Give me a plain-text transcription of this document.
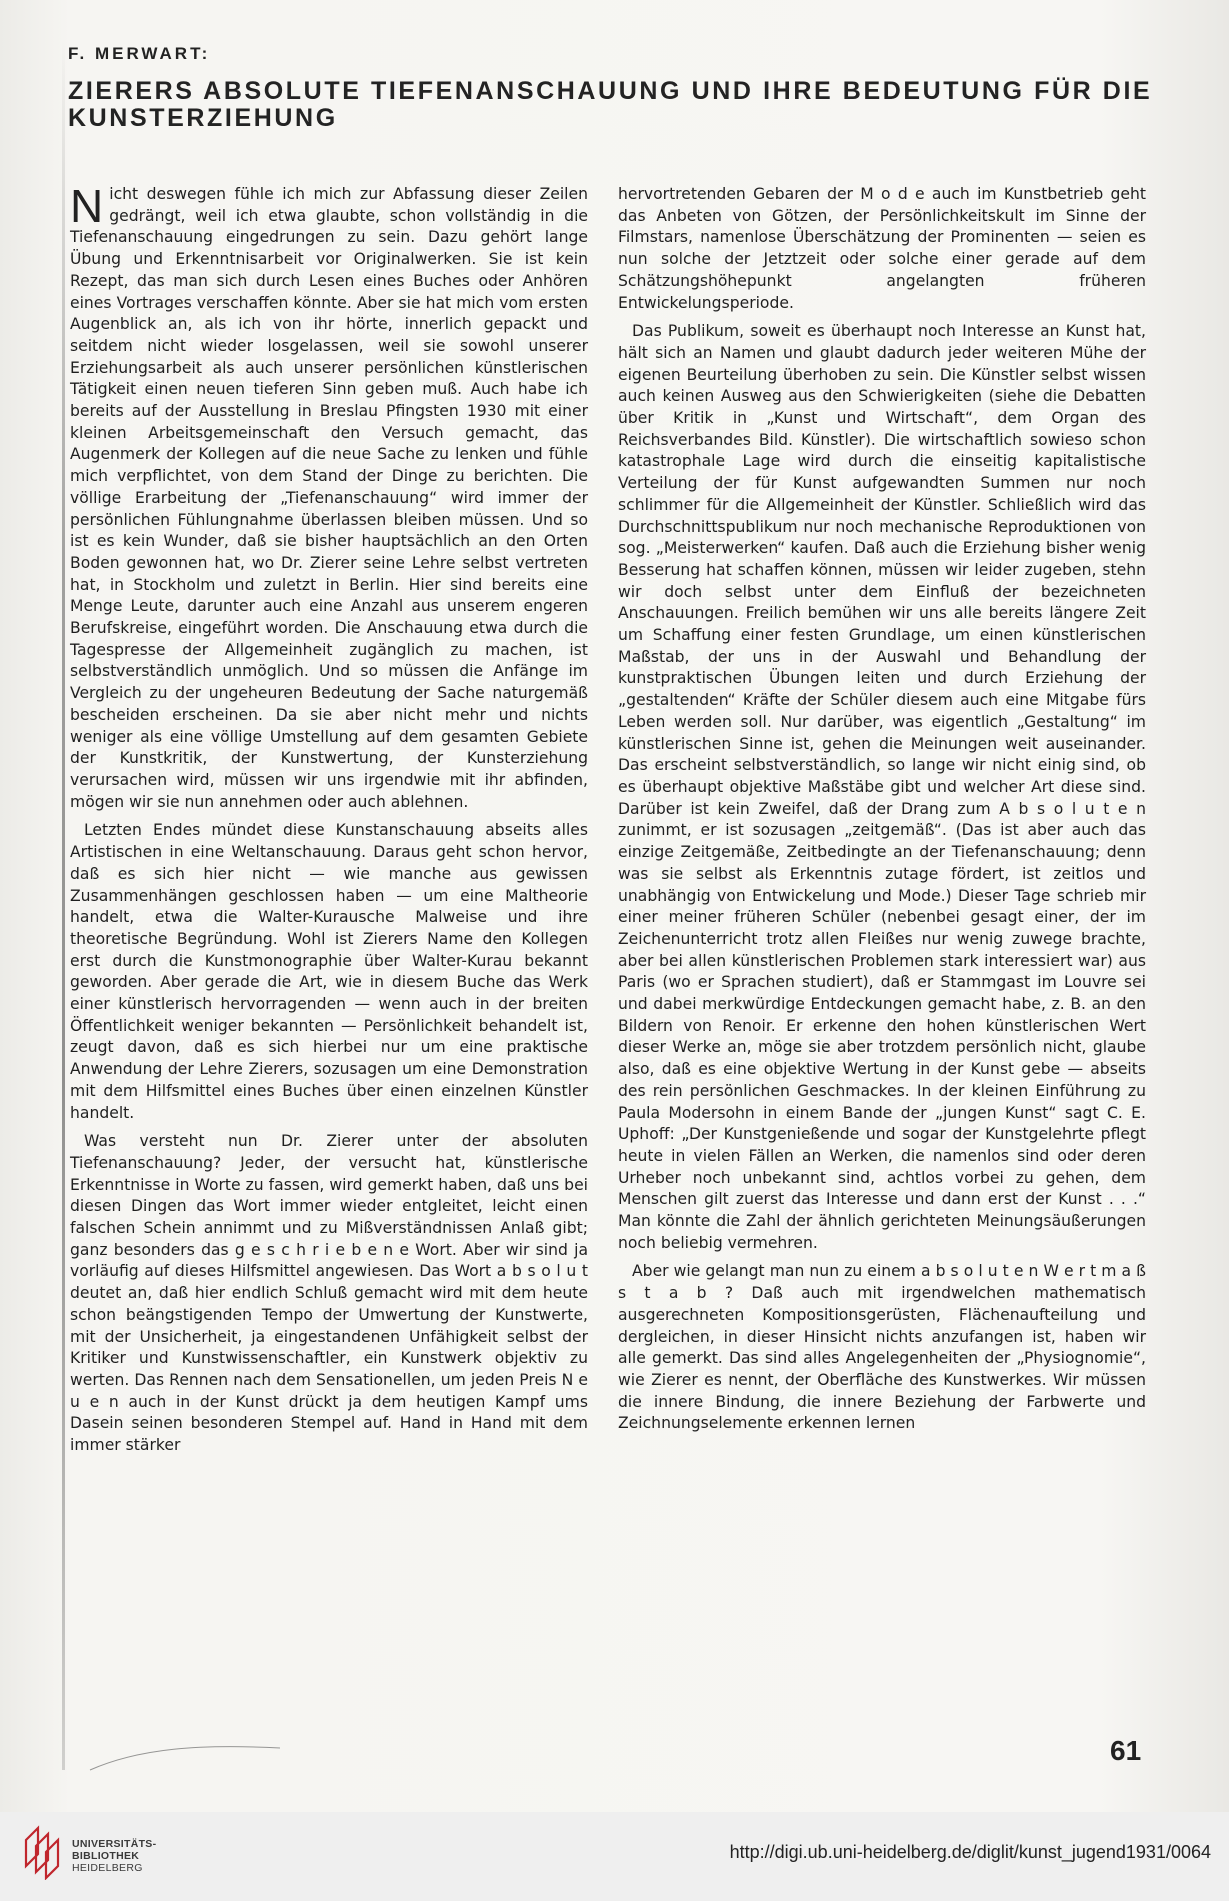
F. MERWART:
ZIERERS ABSOLUTE TIEFENANSCHAUUNG UND IHRE BEDEUTUNG FÜR DIE KUNSTERZIEHUNG

Nicht deswegen fühle ich mich zur Abfassung dieser Zeilen gedrängt, weil ich etwa glaubte, schon vollständig in die Tiefenanschauung eingedrungen zu sein. Dazu gehört lange Übung und Erkenntnisarbeit vor Originalwerken. Sie ist kein Rezept, das man sich durch Lesen eines Buches oder Anhören eines Vortrages verschaffen könnte. Aber sie hat mich vom ersten Augenblick an, als ich von ihr hörte, innerlich gepackt und seitdem nicht wieder losgelassen, weil sie sowohl unserer Erziehungsarbeit als auch unserer persönlichen künstlerischen Tätigkeit einen neuen tieferen Sinn geben muß. Auch habe ich bereits auf der Ausstellung in Breslau Pfingsten 1930 mit einer kleinen Arbeitsgemeinschaft den Versuch gemacht, das Augenmerk der Kollegen auf die neue Sache zu lenken und fühle mich verpflichtet, von dem Stand der Dinge zu berichten. Die völlige Erarbeitung der „Tiefenanschauung“ wird immer der persönlichen Fühlungnahme überlassen bleiben müssen. Und so ist es kein Wunder, daß sie bisher hauptsächlich an den Orten Boden gewonnen hat, wo Dr. Zierer seine Lehre selbst vertreten hat, in Stockholm und zuletzt in Berlin. Hier sind bereits eine Menge Leute, darunter auch eine Anzahl aus unserem engeren Berufskreise, eingeführt worden. Die Anschauung etwa durch die Tagespresse der Allgemeinheit zugänglich zu machen, ist selbstverständlich unmöglich. Und so müssen die Anfänge im Vergleich zu der ungeheuren Bedeutung der Sache naturgemäß bescheiden erscheinen. Da sie aber nicht mehr und nichts weniger als eine völlige Umstellung auf dem gesamten Gebiete der Kunstkritik, der Kunstwertung, der Kunsterziehung verursachen wird, müssen wir uns irgendwie mit ihr abfinden, mögen wir sie nun annehmen oder auch ablehnen.

Letzten Endes mündet diese Kunstanschauung abseits alles Artistischen in eine Weltanschauung. Daraus geht schon hervor, daß es sich hier nicht — wie manche aus gewissen Zusammenhängen geschlossen haben — um eine Maltheorie handelt, etwa die Walter-Kurausche Malweise und ihre theoretische Begründung. Wohl ist Zierers Name den Kollegen erst durch die Kunstmonographie über Walter-Kurau bekannt geworden. Aber gerade die Art, wie in diesem Buche das Werk einer künstlerisch hervorragenden — wenn auch in der breiten Öffentlichkeit weniger bekannten — Persönlichkeit behandelt ist, zeugt davon, daß es sich hierbei nur um eine praktische Anwendung der Lehre Zierers, sozusagen um eine Demonstration mit dem Hilfsmittel eines Buches über einen einzelnen Künstler handelt.

Was versteht nun Dr. Zierer unter der absoluten Tiefenanschauung? Jeder, der versucht hat, künstlerische Erkenntnisse in Worte zu fassen, wird gemerkt haben, daß uns bei diesen Dingen das Wort immer wieder entgleitet, leicht einen falschen Schein annimmt und zu Mißverständnissen Anlaß gibt; ganz besonders das g e s c h r i e b e n e Wort. Aber wir sind ja vorläufig auf dieses Hilfsmittel angewiesen. Das Wort a b s o l u t deutet an, daß hier endlich Schluß gemacht wird mit dem heute schon beängstigenden Tempo der Umwertung der Kunstwerte, mit der Unsicherheit, ja eingestandenen Unfähigkeit selbst der Kritiker und Kunstwissenschaftler, ein Kunstwerk objektiv zu werten. Das Rennen nach dem Sensationellen, um jeden Preis N e u e n auch in der Kunst drückt ja dem heutigen Kampf ums Dasein seinen besonderen Stempel auf. Hand in Hand mit dem immer stärker

hervortretenden Gebaren der M o d e auch im Kunstbetrieb geht das Anbeten von Götzen, der Persönlichkeitskult im Sinne der Filmstars, namenlose Überschätzung der Prominenten — seien es nun solche der Jetztzeit oder solche einer gerade auf dem Schätzungshöhepunkt angelangten früheren Entwickelungsperiode.

Das Publikum, soweit es überhaupt noch Interesse an Kunst hat, hält sich an Namen und glaubt dadurch jeder weiteren Mühe der eigenen Beurteilung überhoben zu sein. Die Künstler selbst wissen auch keinen Ausweg aus den Schwierigkeiten (siehe die Debatten über Kritik in „Kunst und Wirtschaft“, dem Organ des Reichsverbandes Bild. Künstler). Die wirtschaftlich sowieso schon katastrophale Lage wird durch die einseitig kapitalistische Verteilung der für Kunst aufgewandten Summen nur noch schlimmer für die Allgemeinheit der Künstler. Schließlich wird das Durchschnittspublikum nur noch mechanische Reproduktionen von sog. „Meisterwerken“ kaufen. Daß auch die Erziehung bisher wenig Besserung hat schaffen können, müssen wir leider zugeben, stehn wir doch selbst unter dem Einfluß der bezeichneten Anschauungen. Freilich bemühen wir uns alle bereits längere Zeit um Schaffung einer festen Grundlage, um einen künstlerischen Maßstab, der uns in der Auswahl und Behandlung der kunstpraktischen Übungen leiten und durch Erziehung der „gestaltenden“ Kräfte der Schüler diesem auch eine Mitgabe fürs Leben werden soll. Nur darüber, was eigentlich „Gestaltung“ im künstlerischen Sinne ist, gehen die Meinungen weit auseinander. Das erscheint selbstverständlich, so lange wir nicht einig sind, ob es überhaupt objektive Maßstäbe gibt und welcher Art diese sind. Darüber ist kein Zweifel, daß der Drang zum A b s o l u t e n zunimmt, er ist sozusagen „zeitgemäß“. (Das ist aber auch das einzige Zeitgemäße, Zeitbedingte an der Tiefenanschauung; denn was sie selbst als Erkenntnis zutage fördert, ist zeitlos und unabhängig von Entwickelung und Mode.) Dieser Tage schrieb mir einer meiner früheren Schüler (nebenbei gesagt einer, der im Zeichenunterricht trotz allen Fleißes nur wenig zuwege brachte, aber bei allen künstlerischen Problemen stark interessiert war) aus Paris (wo er Sprachen studiert), daß er Stammgast im Louvre sei und dabei merkwürdige Entdeckungen gemacht habe, z. B. an den Bildern von Renoir. Er erkenne den hohen künstlerischen Wert dieser Werke an, möge sie aber trotzdem persönlich nicht, glaube also, daß es eine objektive Wertung in der Kunst gebe — abseits des rein persönlichen Geschmackes. In der kleinen Einführung zu Paula Modersohn in einem Bande der „jungen Kunst“ sagt C. E. Uphoff: „Der Kunstgenießende und sogar der Kunstgelehrte pflegt heute in vielen Fällen an Werken, die namenlos sind oder deren Urheber noch unbekannt sind, achtlos vorbei zu gehen, dem Menschen gilt zuerst das Interesse und dann erst der Kunst . . .“ Man könnte die Zahl der ähnlich gerichteten Meinungsäußerungen noch beliebig vermehren.

Aber wie gelangt man nun zu einem a b s o l u t e n W e r t m a ß s t a b ? Daß auch mit irgendwelchen mathematisch ausgerechneten Kompositionsgerüsten, Flächenaufteilung und dergleichen, in dieser Hinsicht nichts anzufangen ist, haben wir alle gemerkt. Das sind alles Angelegenheiten der „Physiognomie“, wie Zierer es nennt, der Oberfläche des Kunstwerkes. Wir müssen die innere Bindung, die innere Beziehung der Farbwerte und Zeichnungselemente erkennen lernen

61
UNIVERSITÄTS-
BIBLIOTHEK
HEIDELBERG
http://digi.ub.uni-heidelberg.de/diglit/kunst_jugend1931/0064
